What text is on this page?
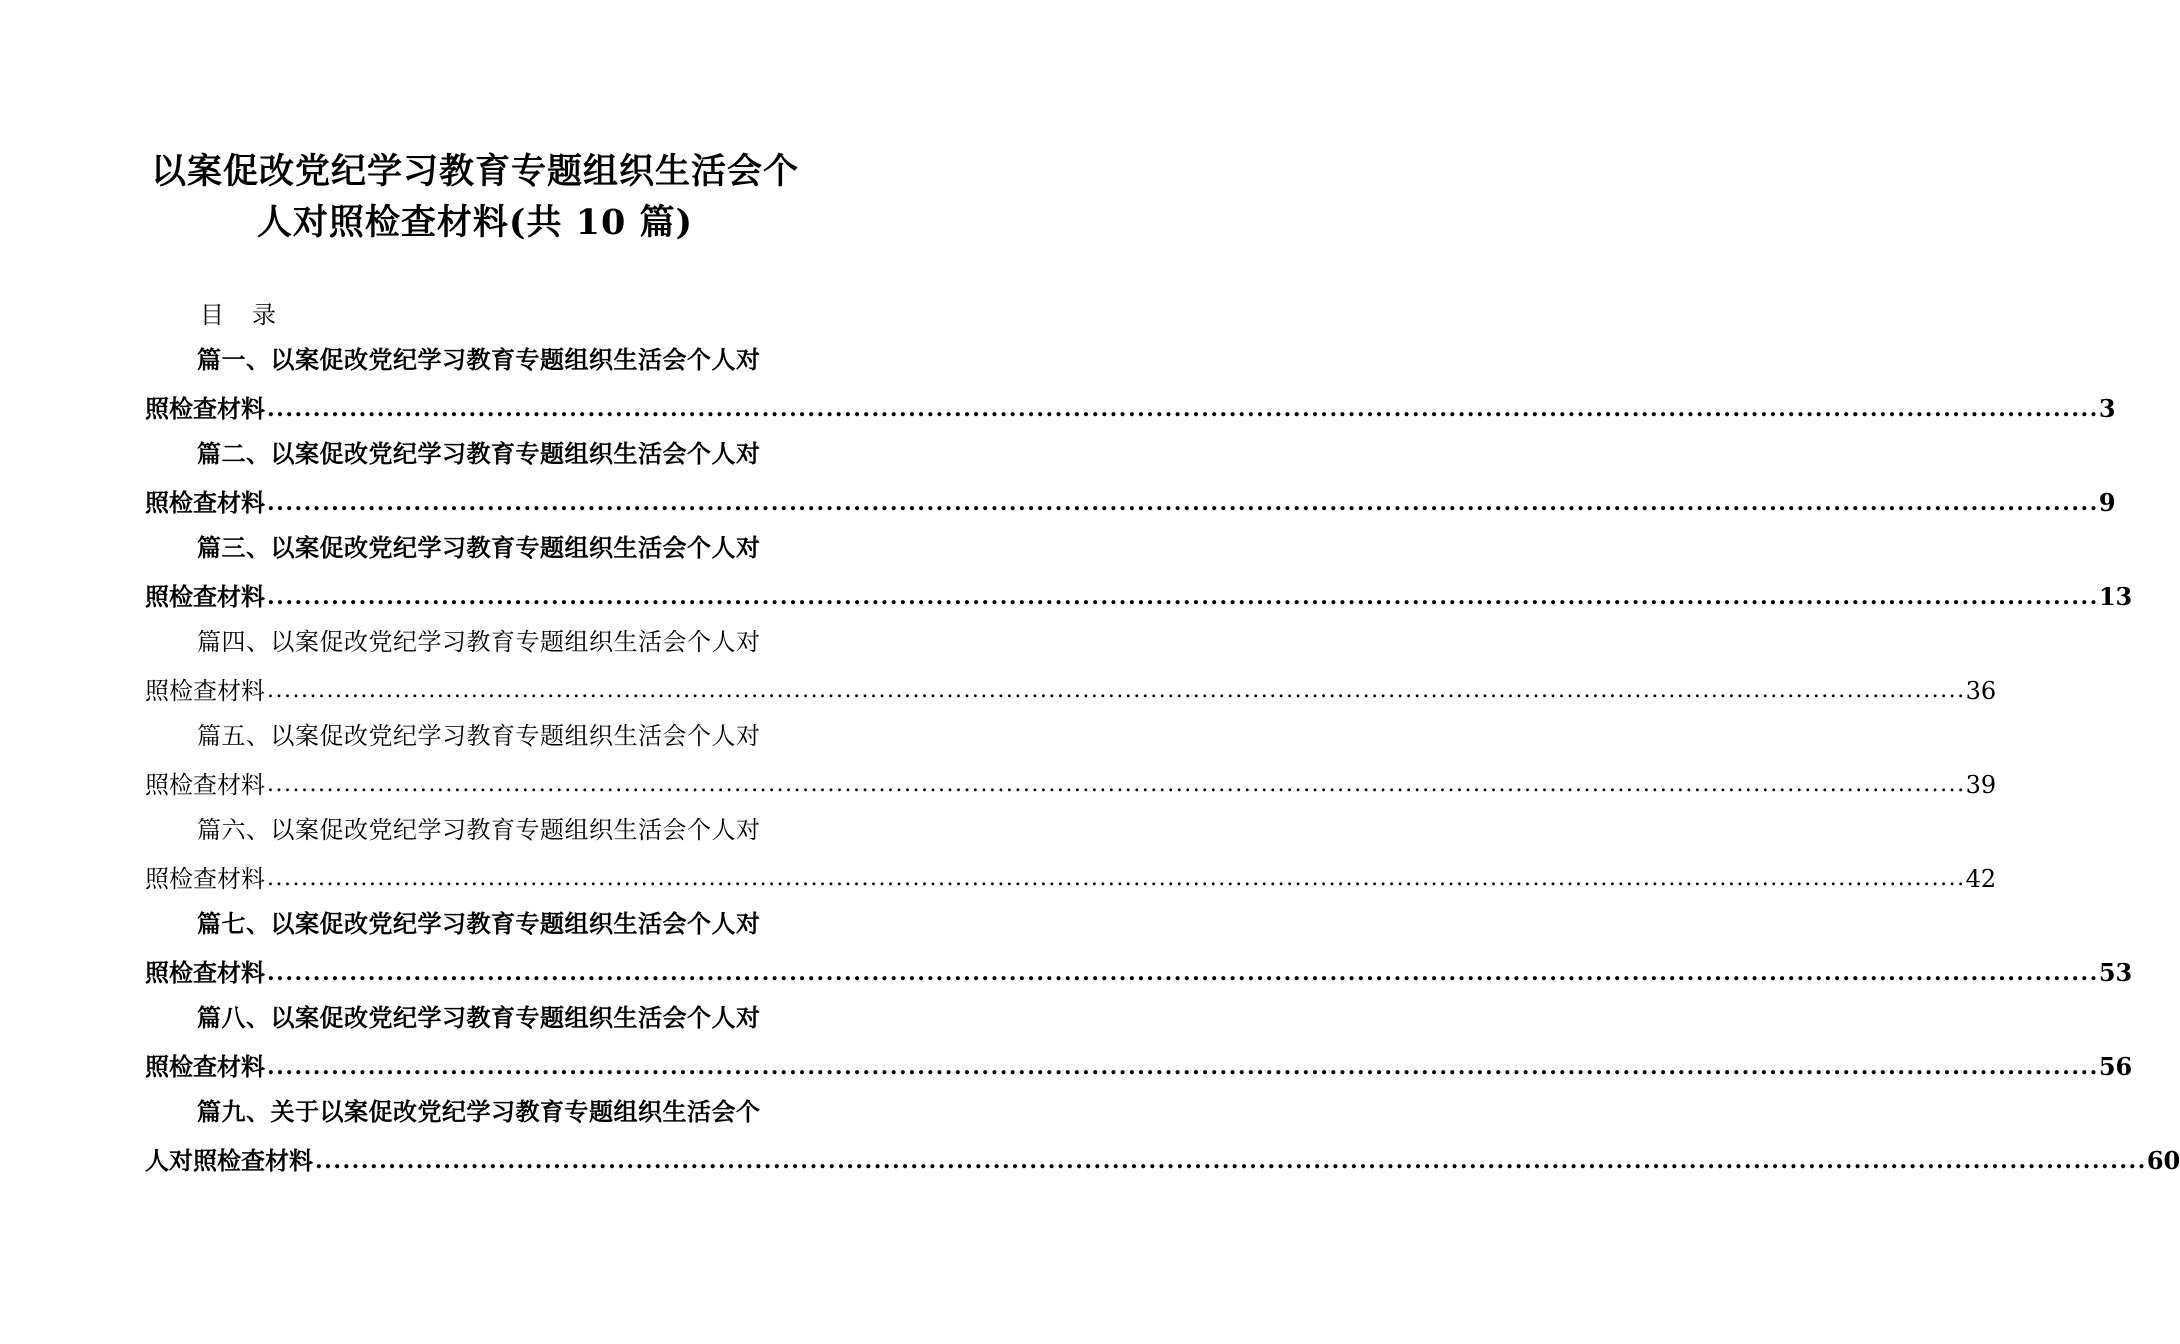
以案促改党纪学习教育专题组织生活会个
人对照检查材料(共 10 篇)
目录
篇一、以案促改党纪学习教育专题组织生活会个人对
照检查材料 ........................................................................................................................................................................................................ 3
篇二、以案促改党纪学习教育专题组织生活会个人对
照检查材料 ........................................................................................................................................................................................................ 9
篇三、以案促改党纪学习教育专题组织生活会个人对
照检查材料 ........................................................................................................................................................................................................ 13
篇四、以案促改党纪学习教育专题组织生活会个人对
照检查材料 ........................................................................................................................................................................................................ 36
篇五、以案促改党纪学习教育专题组织生活会个人对
照检查材料 ........................................................................................................................................................................................................ 39
篇六、以案促改党纪学习教育专题组织生活会个人对
照检查材料 ........................................................................................................................................................................................................ 42
篇七、以案促改党纪学习教育专题组织生活会个人对
照检查材料 ........................................................................................................................................................................................................ 53
篇八、以案促改党纪学习教育专题组织生活会个人对
照检查材料 ........................................................................................................................................................................................................ 56
篇九、关于以案促改党纪学习教育专题组织生活会个
人对照检查材料 ........................................................................................................................................................................................................ 60
